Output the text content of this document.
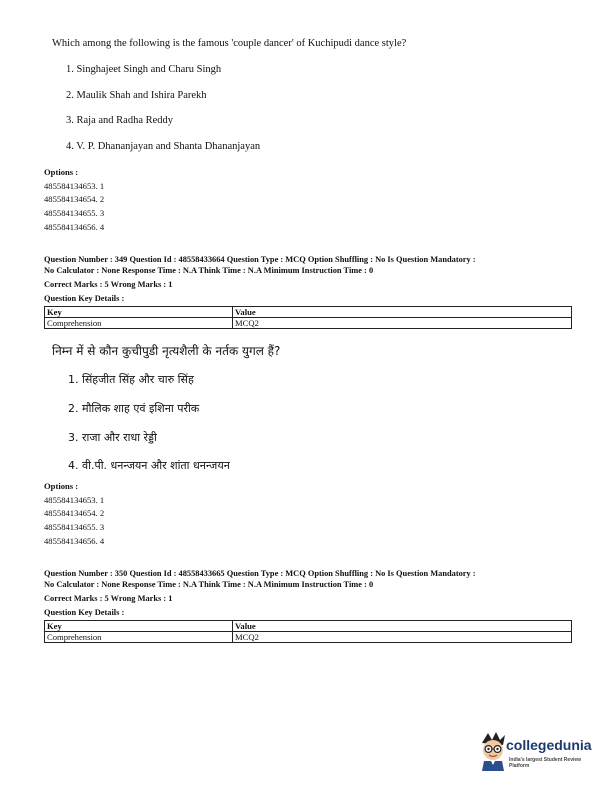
Which among the following is the famous 'couple dancer' of Kuchipudi dance style?
1. Singhajeet Singh and Charu Singh
2. Maulik Shah and Ishira Parekh
3. Raja and Radha Reddy
4. V. P. Dhananjayan and Shanta Dhananjayan
Options :
485584134653. 1
485584134654. 2
485584134655. 3
485584134656. 4
Question Number : 349 Question Id : 48558433664 Question Type : MCQ Option Shuffling : No Is Question Mandatory :
No Calculator : None Response Time : N.A Think Time : N.A Minimum Instruction Time : 0
Correct Marks : 5 Wrong Marks : 1
Question Key Details :
Key	Value
Comprehension	MCQ2
निम्न में से कौन कुचीपुडी नृत्यशैली के नर्तक युगल हैं?
1. सिंहजीत सिंह और चारु सिंह
2. मौलिक शाह एवं इशिना परीक
3. राजा और राधा रेड्डी
4. वी.पी. धनन्जयन और शांता धनन्जयन
Options :
485584134653. 1
485584134654. 2
485584134655. 3
485584134656. 4
Question Number : 350 Question Id : 48558433665 Question Type : MCQ Option Shuffling : No Is Question Mandatory :
No Calculator : None Response Time : N.A Think Time : N.A Minimum Instruction Time : 0
Correct Marks : 5 Wrong Marks : 1
Question Key Details :
Key	Value
Comprehension	MCQ2
collegedunia
India's largest Student Review Platform
